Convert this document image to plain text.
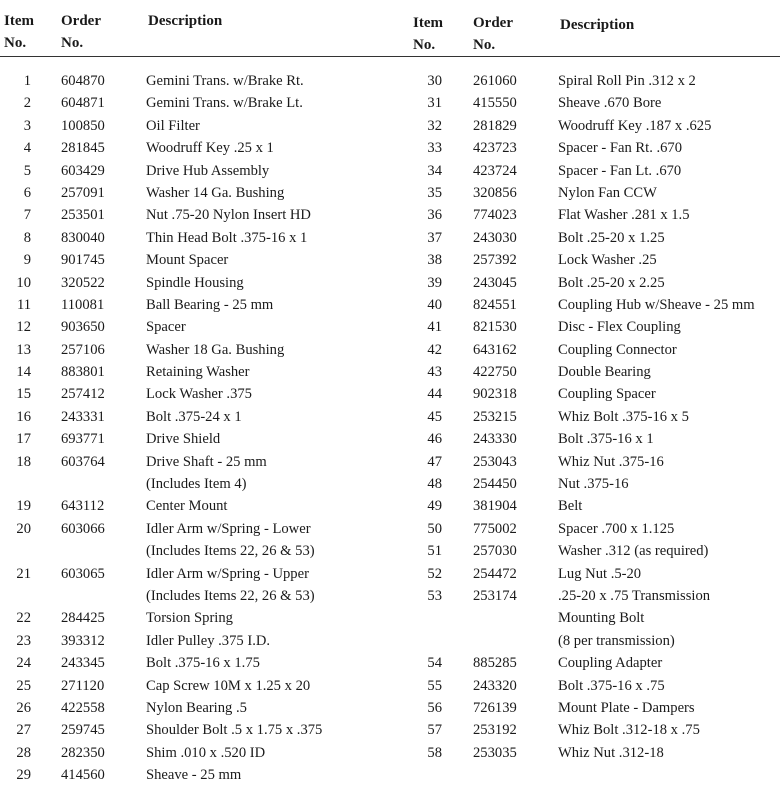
Item
No.
Order
No.
Description	Item
No.
Order
No.
Description
1 604870	Gemini Trans. w/Brake Rt.
2 604871	Gemini Trans. w/Brake Lt.
3 100850	Oil Filter
4 281845	Woodruff Key .25 x 1
5 603429	Drive Hub Assembly
6 257091	Washer 14 Ga. Bushing
7 253501	Nut .75-20 Nylon Insert HD
8 830040	Thin Head Bolt .375-16 x 1
9 901745	Mount Spacer
10 320522	Spindle Housing
11 110081	Ball Bearing - 25 mm
12 903650	Spacer
13 257106	Washer 18 Ga. Bushing
14 883801	Retaining Washer
15 257412	Lock Washer .375
16 243331	Bolt .375-24 x 1
17 693771	Drive Shield
18 603764	Drive Shaft - 25 mm
(Includes Item 4)
19 643112	Center Mount
20 603066	Idler Arm w/Spring - Lower
(Includes Items 22, 26 & 53)
21 603065	Idler Arm w/Spring - Upper
(Includes Items 22, 26 & 53)
22 284425	Torsion Spring
23 393312	Idler Pulley .375 I.D.
24 243345	Bolt .375-16 x 1.75
25 271120	Cap Screw 10M x 1.25 x 20
26 422558	Nylon Bearing .5
27 259745	Shoulder Bolt .5 x 1.75 x .375
28 282350	Shim .010 x .520 ID
29 414560	Sheave - 25 mm
30 261060	Spiral Roll Pin .312 x 2
31 415550	Sheave .670 Bore
32 281829	Woodruff Key .187 x .625
33 423723	Spacer - Fan Rt. .670
34 423724	Spacer - Fan Lt. .670
35 320856	Nylon Fan CCW
36 774023	Flat Washer .281 x 1.5
37 243030	Bolt .25-20 x 1.25
38 257392	Lock Washer .25
39 243045	Bolt .25-20 x 2.25
40 824551	Coupling Hub w/Sheave - 25 mm
41 821530	Disc - Flex Coupling
42 643162	Coupling Connector
43 422750	Double Bearing
44 902318	Coupling Spacer
45 253215	Whiz Bolt .375-16 x 5
46 243330	Bolt .375-16 x 1
47 253043	Whiz Nut .375-16
48 254450	Nut .375-16
49 381904	Belt
50 775002	Spacer .700 x 1.125
51 257030	Washer .312 (as required)
52 254472	Lug Nut .5-20
53 253174	.25-20 x .75 Transmission
Mounting Bolt
(8 per transmission)
54 885285	Coupling Adapter
55 243320	Bolt .375-16 x .75
56 726139	Mount Plate - Dampers
57 253192	Whiz Bolt .312-18 x .75
58 253035	Whiz Nut .312-18
